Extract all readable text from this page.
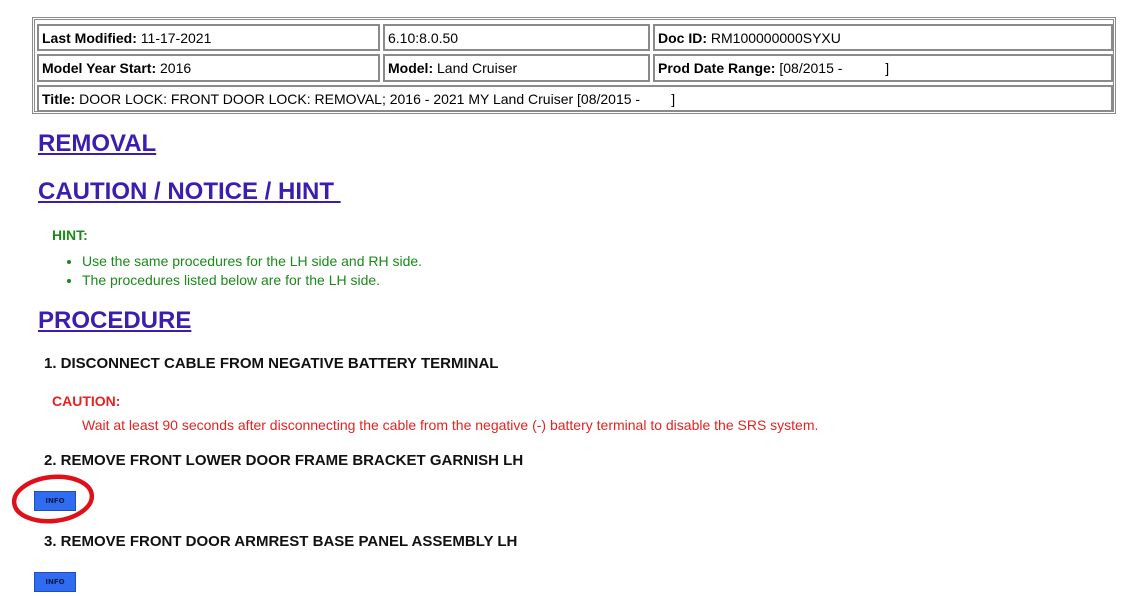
Last Modified: 11-17-2021	6.10:8.0.50	Doc ID: RM100000000SYXU
Model Year Start: 2016	Model: Land Cruiser	Prod Date Range: [08/2015 -           ]
Title: DOOR LOCK: FRONT DOOR LOCK: REMOVAL; 2016 - 2021 MY Land Cruiser [08/2015 -        ]
REMOVAL
CAUTION / NOTICE / HINT
HINT:
• Use the same procedures for the LH side and RH side.
• The procedures listed below are for the LH side.
PROCEDURE
1. DISCONNECT CABLE FROM NEGATIVE BATTERY TERMINAL
CAUTION:
Wait at least 90 seconds after disconnecting the cable from the negative (-) battery terminal to disable the SRS system.
2. REMOVE FRONT LOWER DOOR FRAME BRACKET GARNISH LH
INFO
3. REMOVE FRONT DOOR ARMREST BASE PANEL ASSEMBLY LH
INFO
